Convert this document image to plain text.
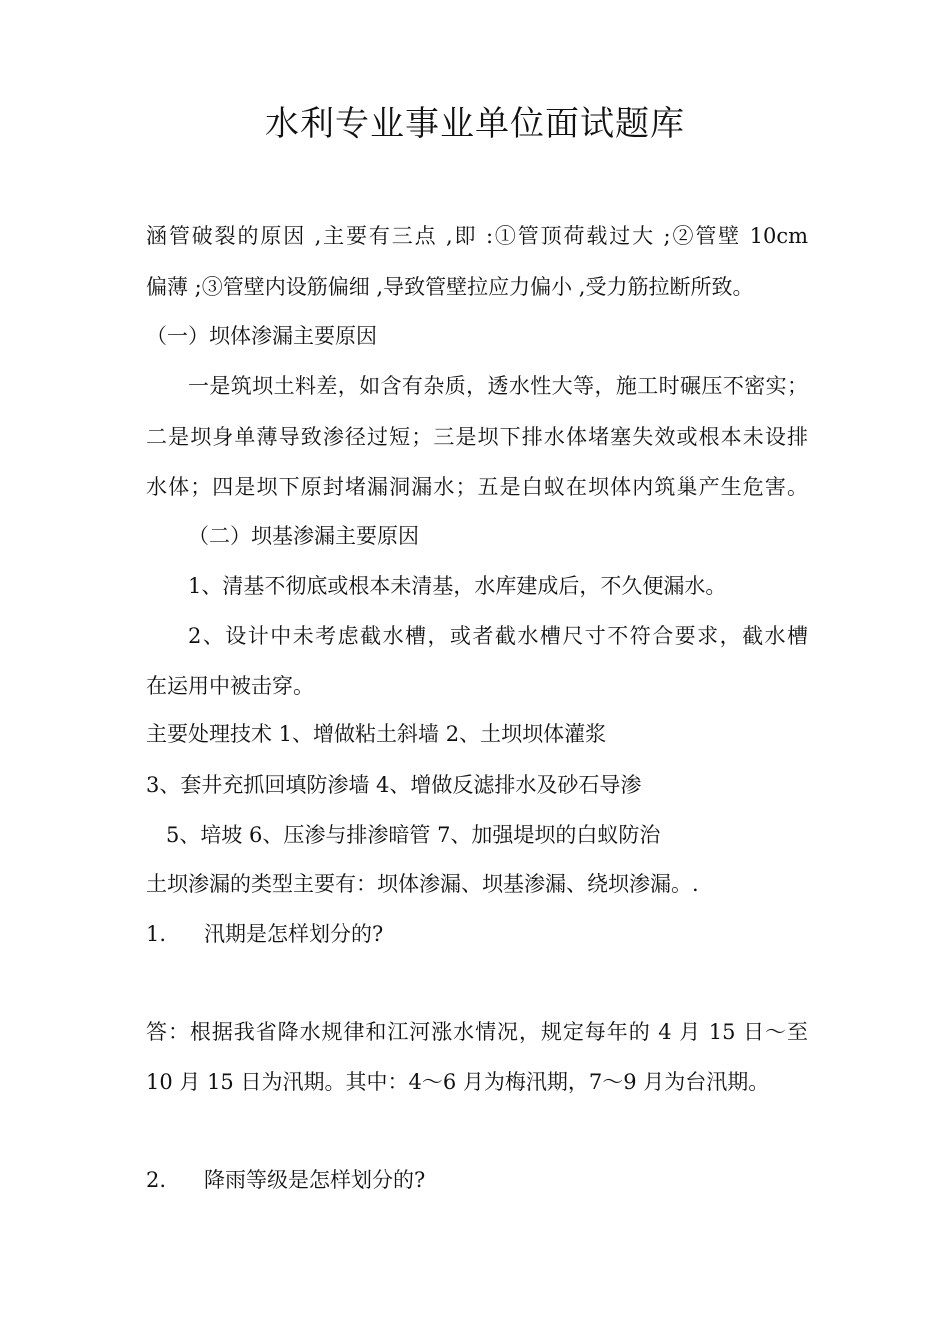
水利专业事业单位面试题库
涵管破裂的原因 ,主要有三点 ,即 :①管顶荷载过大 ;②管壁 10cm
偏薄 ;③管壁内设筋偏细 ,导致管壁拉应力偏小 ,受力筋拉断所致。
（一）坝体渗漏主要原因
一是筑坝土料差，如含有杂质，透水性大等，施工时碾压不密实；
二是坝身单薄导致渗径过短；三是坝下排水体堵塞失效或根本未设排
水体；四是坝下原封堵漏洞漏水；五是白蚁在坝体内筑巢产生危害。
（二）坝基渗漏主要原因
1、清基不彻底或根本未清基，水库建成后，不久便漏水。
2、设计中未考虑截水槽，或者截水槽尺寸不符合要求，截水槽
在运用中被击穿。
主要处理技术 1、增做粘土斜墙 2、土坝坝体灌浆
3、套井充抓回填防渗墙 4、增做反滤排水及砂石导渗
5、培坡 6、压渗与排渗暗管 7、加强堤坝的白蚁防治
土坝渗漏的类型主要有：坝体渗漏、坝基渗漏、绕坝渗漏。.
1. 汛期是怎样划分的?
答：根据我省降水规律和江河涨水情况，规定每年的 4 月 15 日～至
10 月 15 日为汛期。其中：4～6 月为梅汛期，7～9 月为台汛期。
2. 降雨等级是怎样划分的?
